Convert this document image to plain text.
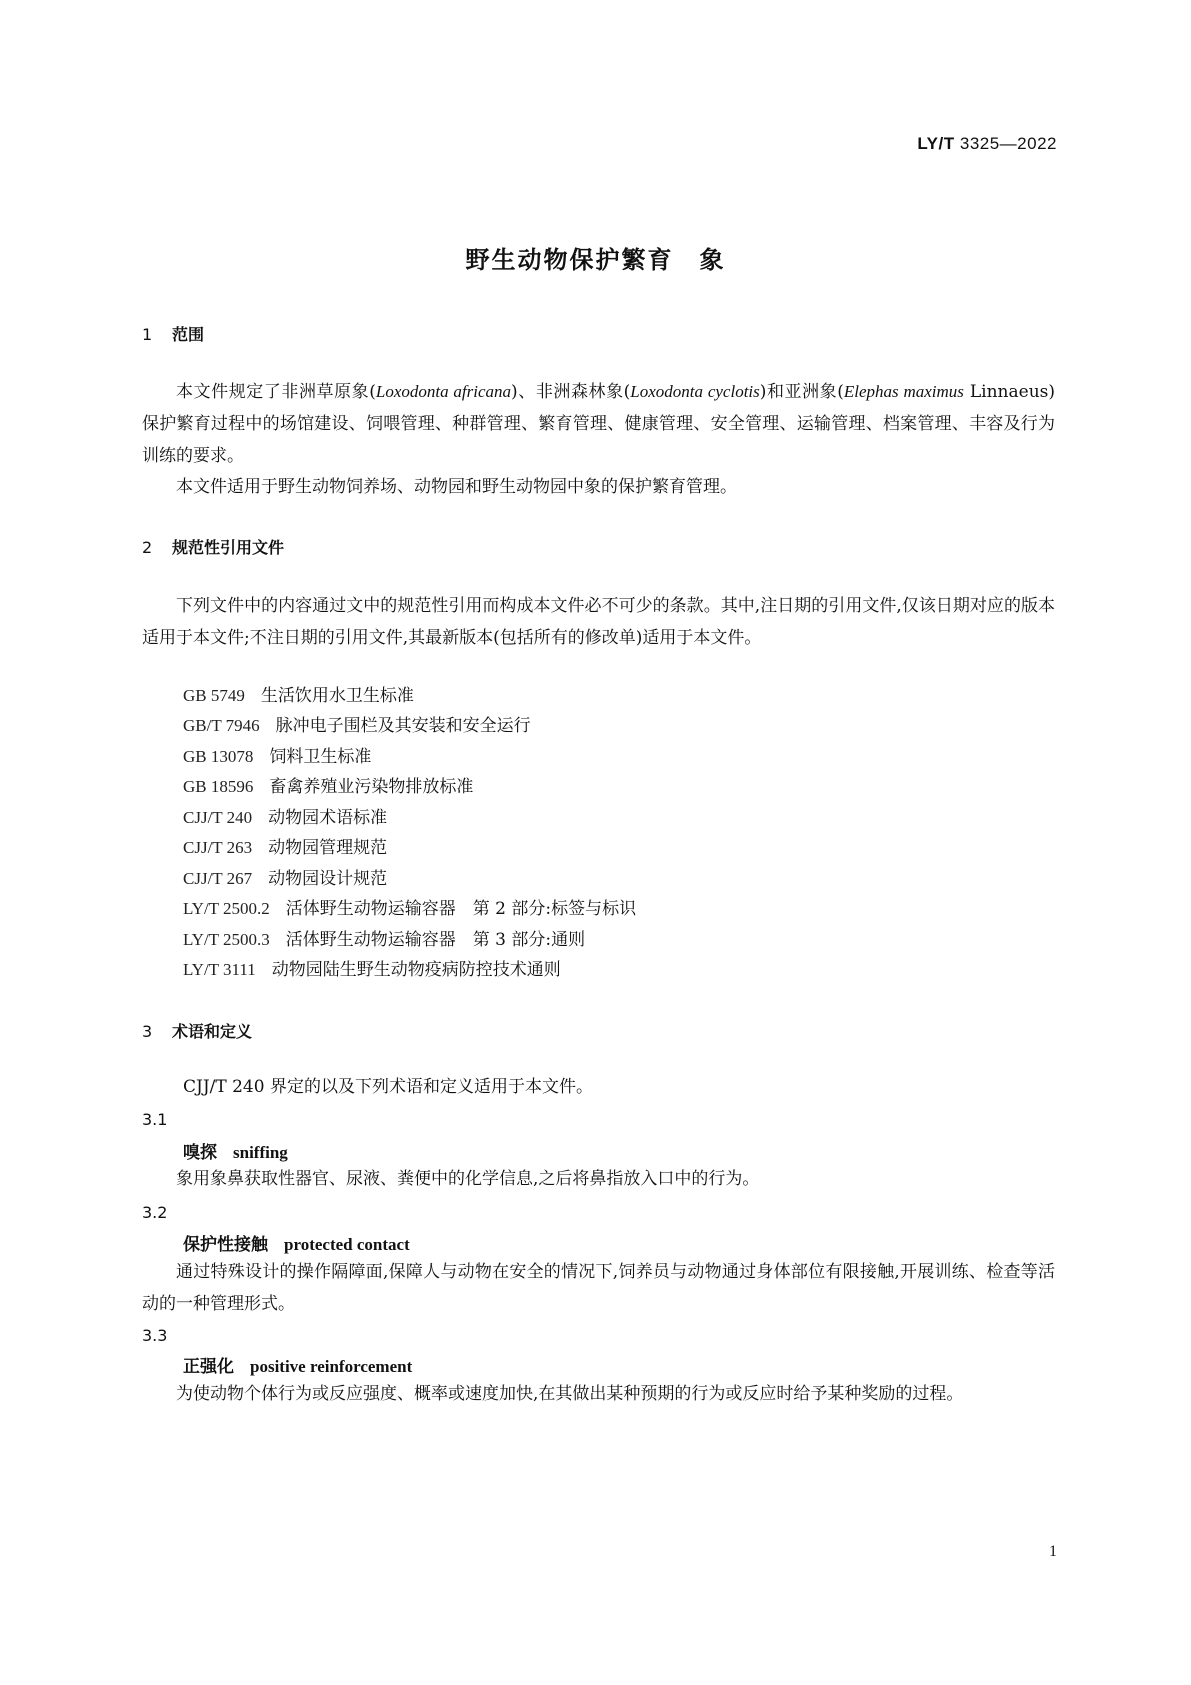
LY/T 3325—2022
野生动物保护繁育　象
1 范围
本文件规定了非洲草原象(Loxodonta africana)、非洲森林象(Loxodonta cyclotis)和亚洲象(Elephas maximus Linnaeus)保护繁育过程中的场馆建设、饲喂管理、种群管理、繁育管理、健康管理、安全管理、运输管理、档案管理、丰容及行为训练的要求。
本文件适用于野生动物饲养场、动物园和野生动物园中象的保护繁育管理。
2 规范性引用文件
下列文件中的内容通过文中的规范性引用而构成本文件必不可少的条款。其中,注日期的引用文件,仅该日期对应的版本适用于本文件;不注日期的引用文件,其最新版本(包括所有的修改单)适用于本文件。
GB 5749 生活饮用水卫生标准
GB/T 7946 脉冲电子围栏及其安装和安全运行
GB 13078 饲料卫生标准
GB 18596 畜禽养殖业污染物排放标准
CJJ/T 240 动物园术语标准
CJJ/T 263 动物园管理规范
CJJ/T 267 动物园设计规范
LY/T 2500.2 活体野生动物运输容器　第 2 部分:标签与标识
LY/T 2500.3 活体野生动物运输容器　第 3 部分:通则
LY/T 3111 动物园陆生野生动物疫病防控技术通则
3 术语和定义
CJJ/T 240 界定的以及下列术语和定义适用于本文件。
3.1
嗅探 sniffing
象用象鼻获取性器官、尿液、粪便中的化学信息,之后将鼻指放入口中的行为。
3.2
保护性接触 protected contact
通过特殊设计的操作隔障面,保障人与动物在安全的情况下,饲养员与动物通过身体部位有限接触,开展训练、检查等活动的一种管理形式。
3.3
正强化 positive reinforcement
为使动物个体行为或反应强度、概率或速度加快,在其做出某种预期的行为或反应时给予某种奖励的过程。
1
